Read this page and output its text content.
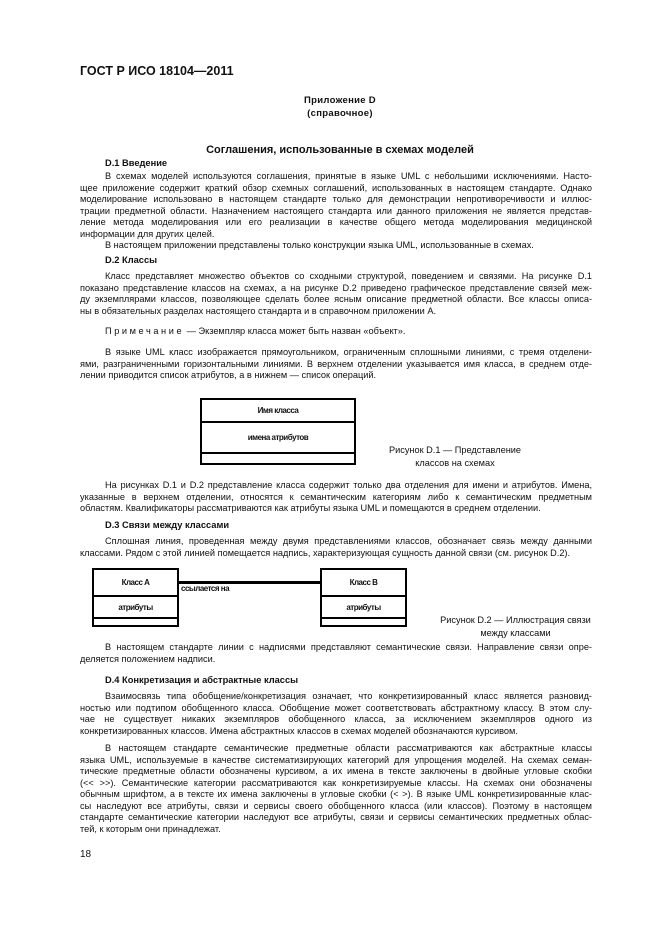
ГОСТ Р ИСО 18104—2011
Приложение D
(справочное)
Соглашения, использованные в схемах моделей
D.1 Введение
В схемах моделей используются соглашения, принятые в языке UML с небольшими исключениями. Насто-
щее приложение содержит краткий обзор схемных соглашений, использованных в настоящем стандарте. Однако
моделирование использовано в настоящем стандарте только для демонстрации непротиворечивости и иллюс-
трации предметной области. Назначением настоящего стандарта или данного приложения не является представ-
ление метода моделирования или его реализации в качестве общего метода моделирования медицинской
информации для других целей.
В настоящем приложении представлены только конструкции языка UML, использованные в схемах.
D.2 Классы
Класс представляет множество объектов со сходными структурой, поведением и связями. На рисунке D.1
показано представление классов на схемах, а на рисунке D.2 приведено графическое представление связей меж-
ду экземплярами классов, позволяющее сделать более ясным описание предметной области. Все классы описа-
ны в обязательных разделах настоящего стандарта и в справочном приложении А.
Примечание — Экземпляр класса может быть назван «объект».
В языке UML класс изображается прямоугольником, ограниченным сплошными линиями, с тремя отделени-
ями, разграниченными горизонтальными линиями. В верхнем отделении указывается имя класса, в среднем отде-
лении приводится список атрибутов, а в нижнем — список операций.
Имя класса
имена атрибутов
Рисунок D.1 — Представление
классов на схемах
На рисунках D.1 и D.2 представление класса содержит только два отделения для имени и атрибутов. Имена,
указанные в верхнем отделении, относятся к семантическим категориям либо к семантическим предметным
областям. Квалификаторы рассматриваются как атрибуты языка UML и помещаются в среднем отделении.
D.3 Связи между классами
Сплошная линия, проведенная между двумя представлениями классов, обозначает связь между данными
классами. Рядом с этой линией помещается надпись, характеризующая сущность данной связи (см. рисунок D.2).
Класс A
атрибуты
ссылается на
Класс B
атрибуты
Рисунок D.2 — Иллюстрация связи
между классами
В настоящем стандарте линии с надписями представляют семантические связи. Направление связи опре-
деляется положением надписи.
D.4 Конкретизация и абстрактные классы
Взаимосвязь типа обобщение/конкретизация означает, что конкретизированный класс является разновид-
ностью или подтипом обобщенного класса. Обобщение может соответствовать абстрактному классу. В этом слу-
чае не существует никаких экземпляров обобщенного класса, за исключением экземпляров одного из
конкретизированных классов. Имена абстрактных классов в схемах моделей обозначаются курсивом.
В настоящем стандарте семантические предметные области рассматриваются как абстрактные классы
языка UML, используемые в качестве систематизирующих категорий для упрощения моделей. На схемах семан-
тические предметные области обозначены курсивом, а их имена в тексте заключены в двойные угловые скобки
(<< >>). Семантические категории рассматриваются как конкретизируемые классы. На схемах они обозначены
обычным шрифтом, а в тексте их имена заключены в угловые скобки (< >). В языке UML конкретизированные клас-
сы наследуют все атрибуты, связи и сервисы своего обобщенного класса (или классов). Поэтому в настоящем
стандарте семантические категории наследуют все атрибуты, связи и сервисы семантических предметных облас-
тей, к которым они принадлежат.
18
